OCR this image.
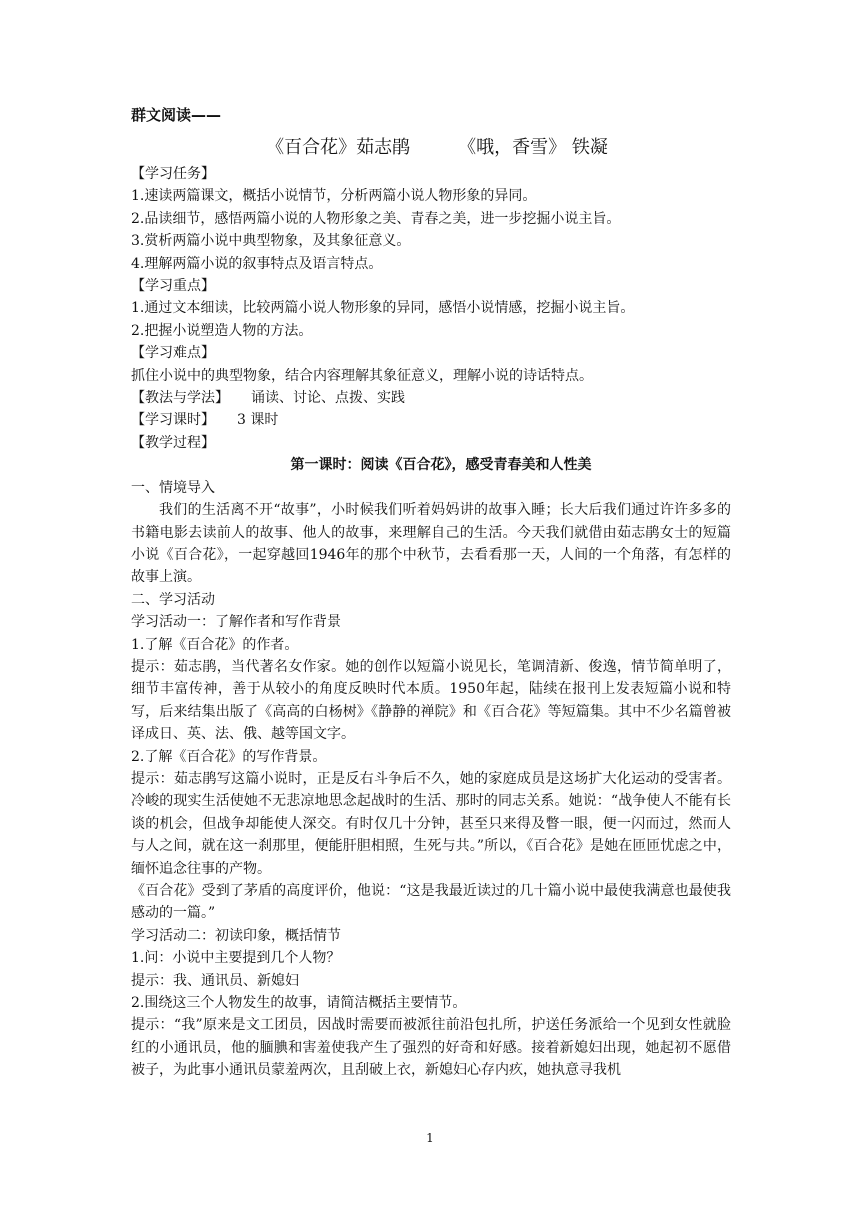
群文阅读——

《百合花》茹志鹃	《哦，香雪》 铁凝

【学习任务】

1.速读两篇课文，概括小说情节，分析两篇小说人物形象的异同。

2.品读细节，感悟两篇小说的人物形象之美、青春之美，进一步挖掘小说主旨。

3.赏析两篇小说中典型物象，及其象征意义。

4.理解两篇小说的叙事特点及语言特点。

【学习重点】

1.通过文本细读，比较两篇小说人物形象的异同，感悟小说情感，挖掘小说主旨。

2.把握小说塑造人物的方法。

【学习难点】

抓住小说中的典型物象，结合内容理解其象征意义，理解小说的诗话特点。

【教法与学法】 诵读、讨论、点拨、实践

【学习课时】 3 课时

【教学过程】

第一课时：阅读《百合花》，感受青春美和人性美

一、情境导入

我们的生活离不开“故事”，小时候我们听着妈妈讲的故事入睡；长大后我们通过许许多多的书籍电影去读前人的故事、他人的故事，来理解自己的生活。今天我们就借由茹志鹃女士的短篇小说《百合花》，一起穿越回1946年的那个中秋节，去看看那一天，人间的一个角落，有怎样的故事上演。

二、学习活动

学习活动一：了解作者和写作背景

1.了解《百合花》的作者。

提示：茹志鹃，当代著名女作家。她的创作以短篇小说见长，笔调清新、俊逸，情节简单明了，细节丰富传神，善于从较小的角度反映时代本质。1950年起，陆续在报刊上发表短篇小说和特写，后来结集出版了《高高的白杨树》《静静的禅院》和《百合花》等短篇集。其中不少名篇曾被译成日、英、法、俄、越等国文字。

2.了解《百合花》的写作背景。

提示：茹志鹃写这篇小说时，正是反右斗争后不久，她的家庭成员是这场扩大化运动的受害者。冷峻的现实生活使她不无悲凉地思念起战时的生活、那时的同志关系。她说：“战争使人不能有长谈的机会，但战争却能使人深交。有时仅几十分钟，甚至只来得及瞥一眼，便一闪而过，然而人与人之间，就在这一刹那里，便能肝胆相照，生死与共。”所以，《百合花》是她在匝匝忧虑之中，缅怀追念往事的产物。

《百合花》受到了茅盾的高度评价，他说：“这是我最近读过的几十篇小说中最使我满意也最使我感动的一篇。”

学习活动二：初读印象，概括情节

1.问：小说中主要提到几个人物？

提示：我、通讯员、新媳妇

2.围绕这三个人物发生的故事，请简洁概括主要情节。

提示：“我”原来是文工团员，因战时需要而被派往前沿包扎所，护送任务派给一个见到女性就脸红的小通讯员，他的腼腆和害羞使我产生了强烈的好奇和好感。接着新媳妇出现，她起初不愿借被子，为此事小通讯员蒙羞两次，且刮破上衣，新媳妇心存内疚，她执意寻我机

1
